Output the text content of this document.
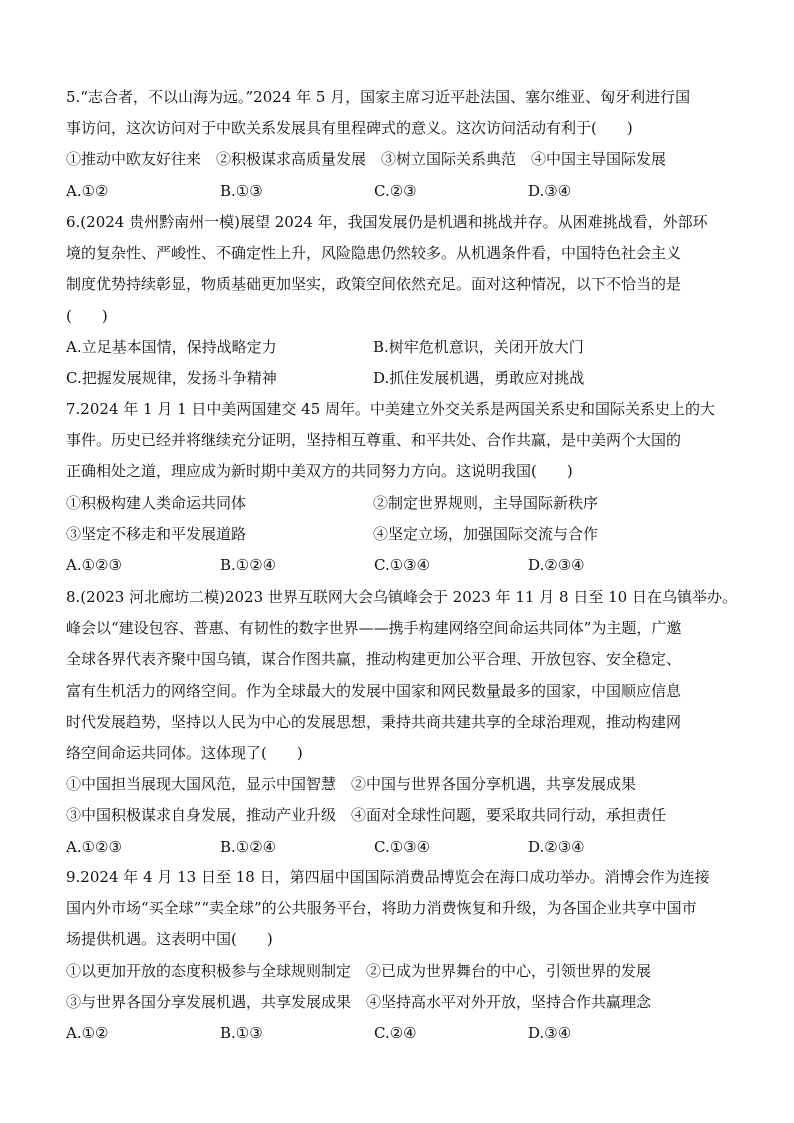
5.“志合者，不以山海为远。”2024 年 5 月，国家主席习近平赴法国、塞尔维亚、匈牙利进行国
事访问，这次访问对于中欧关系发展具有里程碑式的意义。这次访问活动有利于(　　)
①推动中欧友好往来　②积极谋求高质量发展　③树立国际关系典范　④中国主导国际发展
A.①②	B.①③	C.②③	D.③④
6.(2024 贵州黔南州一模)展望 2024 年，我国发展仍是机遇和挑战并存。从困难挑战看，外部环
境的复杂性、严峻性、不确定性上升，风险隐患仍然较多。从机遇条件看，中国特色社会主义
制度优势持续彰显，物质基础更加坚实，政策空间依然充足。面对这种情况，以下不恰当的是
(　　)
A.立足基本国情，保持战略定力	B.树牢危机意识，关闭开放大门
C.把握发展规律，发扬斗争精神	D.抓住发展机遇，勇敢应对挑战
7.2024 年 1 月 1 日中美两国建交 45 周年。中美建立外交关系是两国关系史和国际关系史上的大
事件。历史已经并将继续充分证明，坚持相互尊重、和平共处、合作共赢，是中美两个大国的
正确相处之道，理应成为新时期中美双方的共同努力方向。这说明我国(　　)
①积极构建人类命运共同体	②制定世界规则，主导国际新秩序
③坚定不移走和平发展道路	④坚定立场，加强国际交流与合作
A.①②③	B.①②④	C.①③④	D.②③④
8.(2023 河北廊坊二模)2023 世界互联网大会乌镇峰会于 2023 年 11 月 8 日至 10 日在乌镇举办。
峰会以“建设包容、普惠、有韧性的数字世界——携手构建网络空间命运共同体”为主题，广邀
全球各界代表齐聚中国乌镇，谋合作图共赢，推动构建更加公平合理、开放包容、安全稳定、
富有生机活力的网络空间。作为全球最大的发展中国家和网民数量最多的国家，中国顺应信息
时代发展趋势，坚持以人民为中心的发展思想，秉持共商共建共享的全球治理观，推动构建网
络空间命运共同体。这体现了(　　)
①中国担当展现大国风范，显示中国智慧　②中国与世界各国分享机遇，共享发展成果
③中国积极谋求自身发展，推动产业升级　④面对全球性问题，要采取共同行动，承担责任
A.①②③	B.①②④	C.①③④	D.②③④
9.2024 年 4 月 13 日至 18 日，第四届中国国际消费品博览会在海口成功举办。消博会作为连接
国内外市场“买全球”“卖全球”的公共服务平台，将助力消费恢复和升级，为各国企业共享中国市
场提供机遇。这表明中国(　　)
①以更加开放的态度积极参与全球规则制定　②已成为世界舞台的中心，引领世界的发展
③与世界各国分享发展机遇，共享发展成果　④坚持高水平对外开放，坚持合作共赢理念
A.①②	B.①③	C.②④	D.③④
